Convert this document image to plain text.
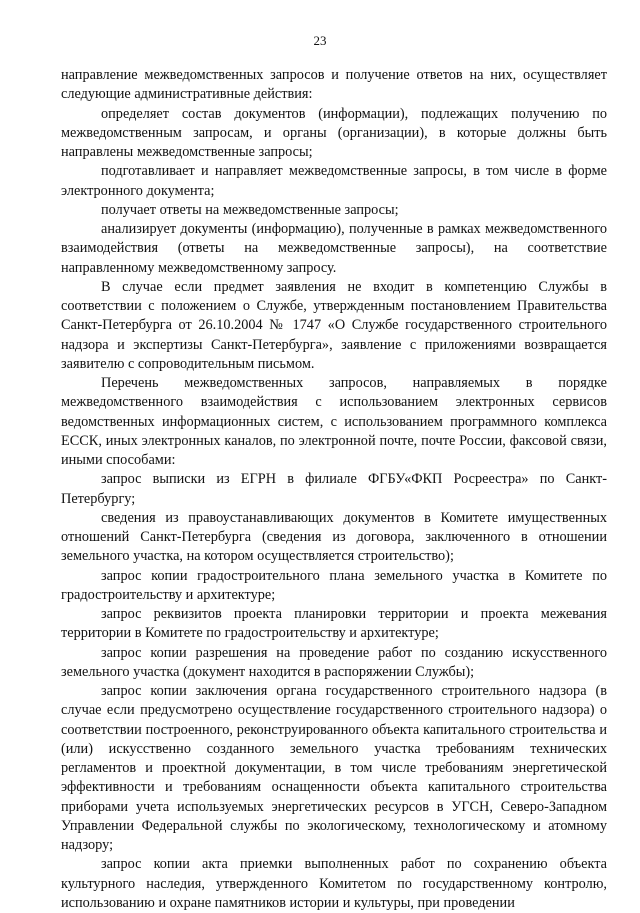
23

направление межведомственных запросов и получение ответов на них, осуществляет следующие административные действия:

определяет состав документов (информации), подлежащих получению по межведомственным запросам, и органы (организации), в которые должны быть направлены межведомственные запросы;

подготавливает и направляет межведомственные запросы, в том числе в форме электронного документа;

получает ответы на межведомственные запросы;

анализирует документы (информацию), полученные в рамках межведомственного взаимодействия (ответы на межведомственные запросы), на соответствие направленному межведомственному запросу.

В случае если предмет заявления не входит в компетенцию Службы в соответствии с положением о Службе, утвержденным постановлением Правительства Санкт-Петербурга от 26.10.2004 № 1747 «О Службе государственного строительного надзора и экспертизы Санкт-Петербурга», заявление с приложениями возвращается заявителю с сопроводительным письмом.

Перечень межведомственных запросов, направляемых в порядке межведомственного взаимодействия с использованием электронных сервисов ведомственных информационных систем, с использованием программного комплекса ЕССК, иных электронных каналов, по электронной почте, почте России, факсовой связи, иными способами:

запрос выписки из ЕГРН в филиале ФГБУ«ФКП Росреестра» по Санкт-Петербургу;

сведения из правоустанавливающих документов в Комитете имущественных отношений Санкт-Петербурга (сведения из договора, заключенного в отношении земельного участка, на котором осуществляется строительство);

запрос копии градостроительного плана земельного участка в Комитете по градостроительству и архитектуре;

запрос реквизитов проекта планировки территории и проекта межевания территории в Комитете по градостроительству и архитектуре;

запрос копии разрешения на проведение работ по созданию искусственного земельного участка (документ находится в распоряжении Службы);

запрос копии заключения органа государственного строительного надзора (в случае если предусмотрено осуществление государственного строительного надзора) о соответствии построенного, реконструированного объекта капитального строительства и (или) искусственно созданного земельного участка требованиям технических регламентов и проектной документации, в том числе требованиям энергетической эффективности и требованиям оснащенности объекта капитального строительства приборами учета используемых энергетических ресурсов в УГСН, Северо-Западном Управлении Федеральной службы по экологическому, технологическому и атомному надзору;

запрос копии акта приемки выполненных работ по сохранению объекта культурного наследия, утвержденного Комитетом по государственному контролю, использованию и охране памятников истории и культуры, при проведении
